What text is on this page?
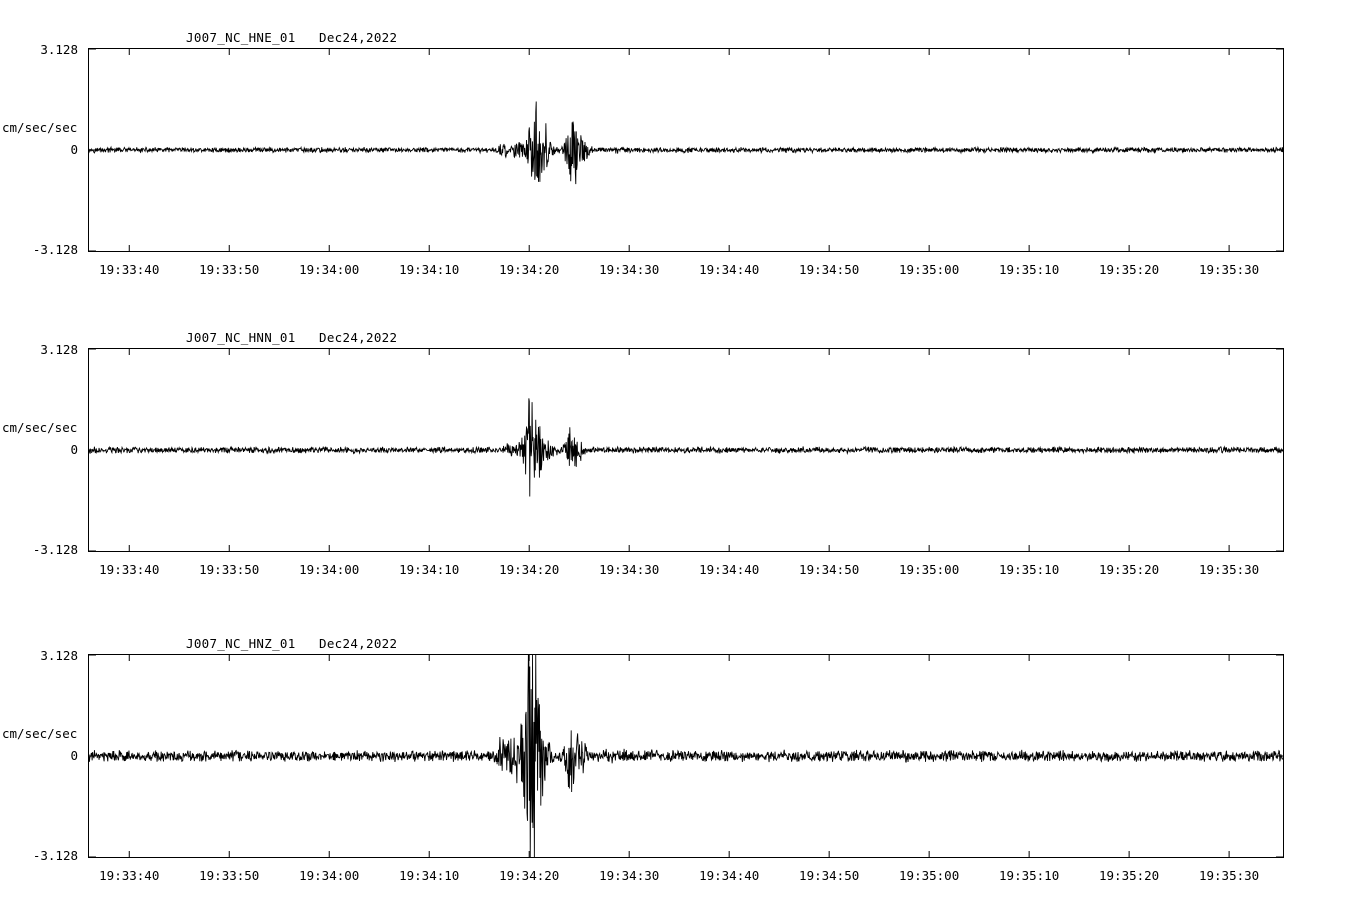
J007_NC_HNE_01   Dec24,2022
cm/sec/sec
3.128
0
-3.128
19:33:40	19:33:50	19:34:00	19:34:10	19:34:20	19:34:30	19:34:40	19:34:50	19:35:00	19:35:10	19:35:20	19:35:30
J007_NC_HNN_01   Dec24,2022
cm/sec/sec
3.128
0
-3.128
19:33:40	19:33:50	19:34:00	19:34:10	19:34:20	19:34:30	19:34:40	19:34:50	19:35:00	19:35:10	19:35:20	19:35:30
J007_NC_HNZ_01   Dec24,2022
cm/sec/sec
3.128
0
-3.128
19:33:40	19:33:50	19:34:00	19:34:10	19:34:20	19:34:30	19:34:40	19:34:50	19:35:00	19:35:10	19:35:20	19:35:30
